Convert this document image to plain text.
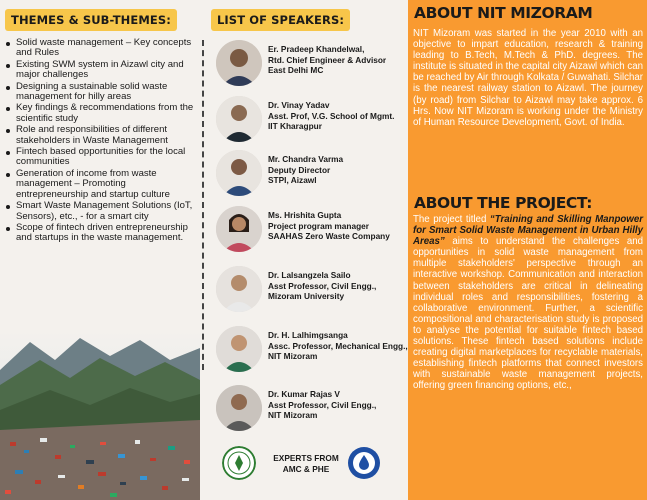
THEMES & SUB-THEMES:
Solid waste management – Key concepts and Rules
Existing SWM system in Aizawl city and major challenges
Designing a sustainable solid waste management for hilly areas
Key findings & recommendations from the scientific study
Role and responsibilities of different stakeholders in Waste Management
Fintech based opportunities for the local communities
Generation of income from waste management – Promoting entrepreneurship and startup culture
Smart Waste Management Solutions (IoT, Sensors), etc., - for a smart city
Scope of fintech driven entrepreneurship and startups in the waste management.
LIST OF SPEAKERS:
Er. Pradeep Khandelwal,
Rtd. Chief Engineer & Advisor
East Delhi MC
Dr. Vinay Yadav
Asst. Prof, V.G. School of Mgmt.
IIT Kharagpur
Mr. Chandra Varma
Deputy Director
STPI, Aizawl
Ms. Hrishita Gupta
Project program manager
SAAHAS Zero Waste Company
Dr. Lalsangzela Sailo
Asst Professor, Civil Engg.,
Mizoram University
Dr. H. Lalhimgsanga
Assc. Professor, Mechanical Engg.,
NIT Mizoram
Dr. Kumar Rajas V
Asst Professor, Civil Engg.,
NIT Mizoram
EXPERTS FROM AMC & PHE
ABOUT NIT MIZORAM

NIT Mizoram was started in the year 2010 with an objective to impart education, research & training leading to B.Tech, M.Tech & PhD. degrees. The institute is situated in the capital city Aizawl which can be reached by Air through Kolkata / Guwahati. Silchar is the nearest railway station to Aizawl. The journey (by road) from Silchar to Aizawl may take approx. 6 Hrs. Now NIT Mizoram is working under the Ministry of Human Resource Development, Govt. of India.

ABOUT THE PROJECT:

The project titled “Training and Skilling Manpower for Smart Solid Waste Management in Urban Hilly Areas” aims to understand the challenges and opportunities in solid waste management from multiple stakeholders' perspective through an interactive workshop. Communication and interaction between stakeholders are critical in delineating individual roles and responsibilities, fostering a collaborative environment. Further, a scientific compositional and characterisation study is proposed to analyse the potential for suitable fintech based solutions. These fintech based solutions include creating digital marketplaces for recyclable materials, establishing fintech platforms that connect investors with sustainable waste management projects, offering green financing options, etc.,
